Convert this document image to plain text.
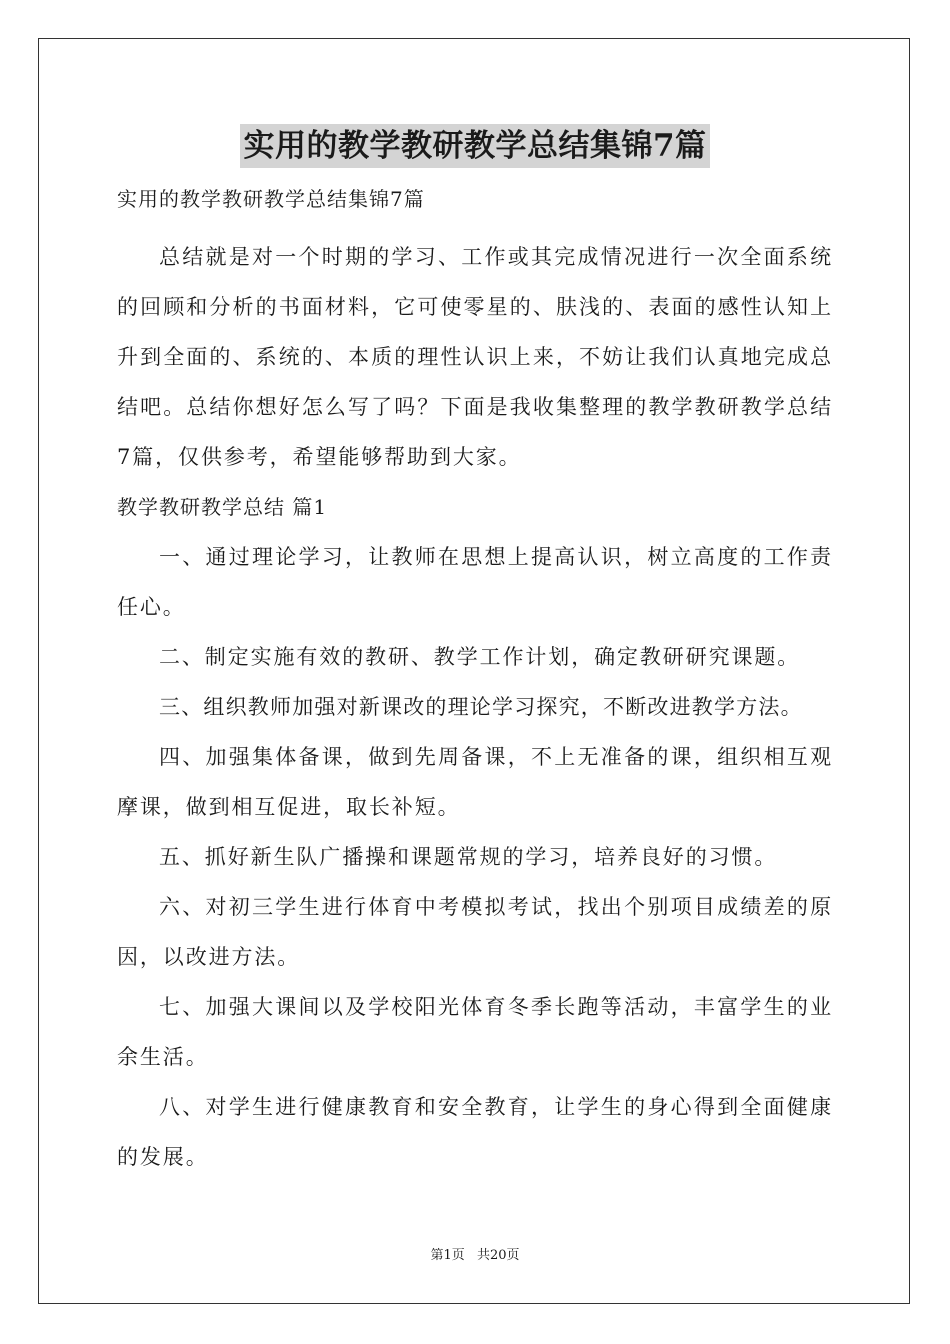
实用的教学教研教学总结集锦7篇
实用的教学教研教学总结集锦7篇

总结就是对一个时期的学习、工作或其完成情况进行一次全面系统的回顾和分析的书面材料，它可使零星的、肤浅的、表面的感性认知上升到全面的、系统的、本质的理性认识上来，不妨让我们认真地完成总结吧。总结你想好怎么写了吗？下面是我收集整理的教学教研教学总结7篇，仅供参考，希望能够帮助到大家。

教学教研教学总结 篇1

一、通过理论学习，让教师在思想上提高认识，树立高度的工作责任心。

二、制定实施有效的教研、教学工作计划，确定教研研究课题。

三、组织教师加强对新课改的理论学习探究，不断改进教学方法。

四、加强集体备课，做到先周备课，不上无准备的课，组织相互观摩课，做到相互促进，取长补短。

五、抓好新生队广播操和课题常规的学习，培养良好的习惯。

六、对初三学生进行体育中考模拟考试，找出个别项目成绩差的原因，以改进方法。

七、加强大课间以及学校阳光体育冬季长跑等活动，丰富学生的业余生活。

八、对学生进行健康教育和安全教育，让学生的身心得到全面健康的发展。

第1页 共20页
